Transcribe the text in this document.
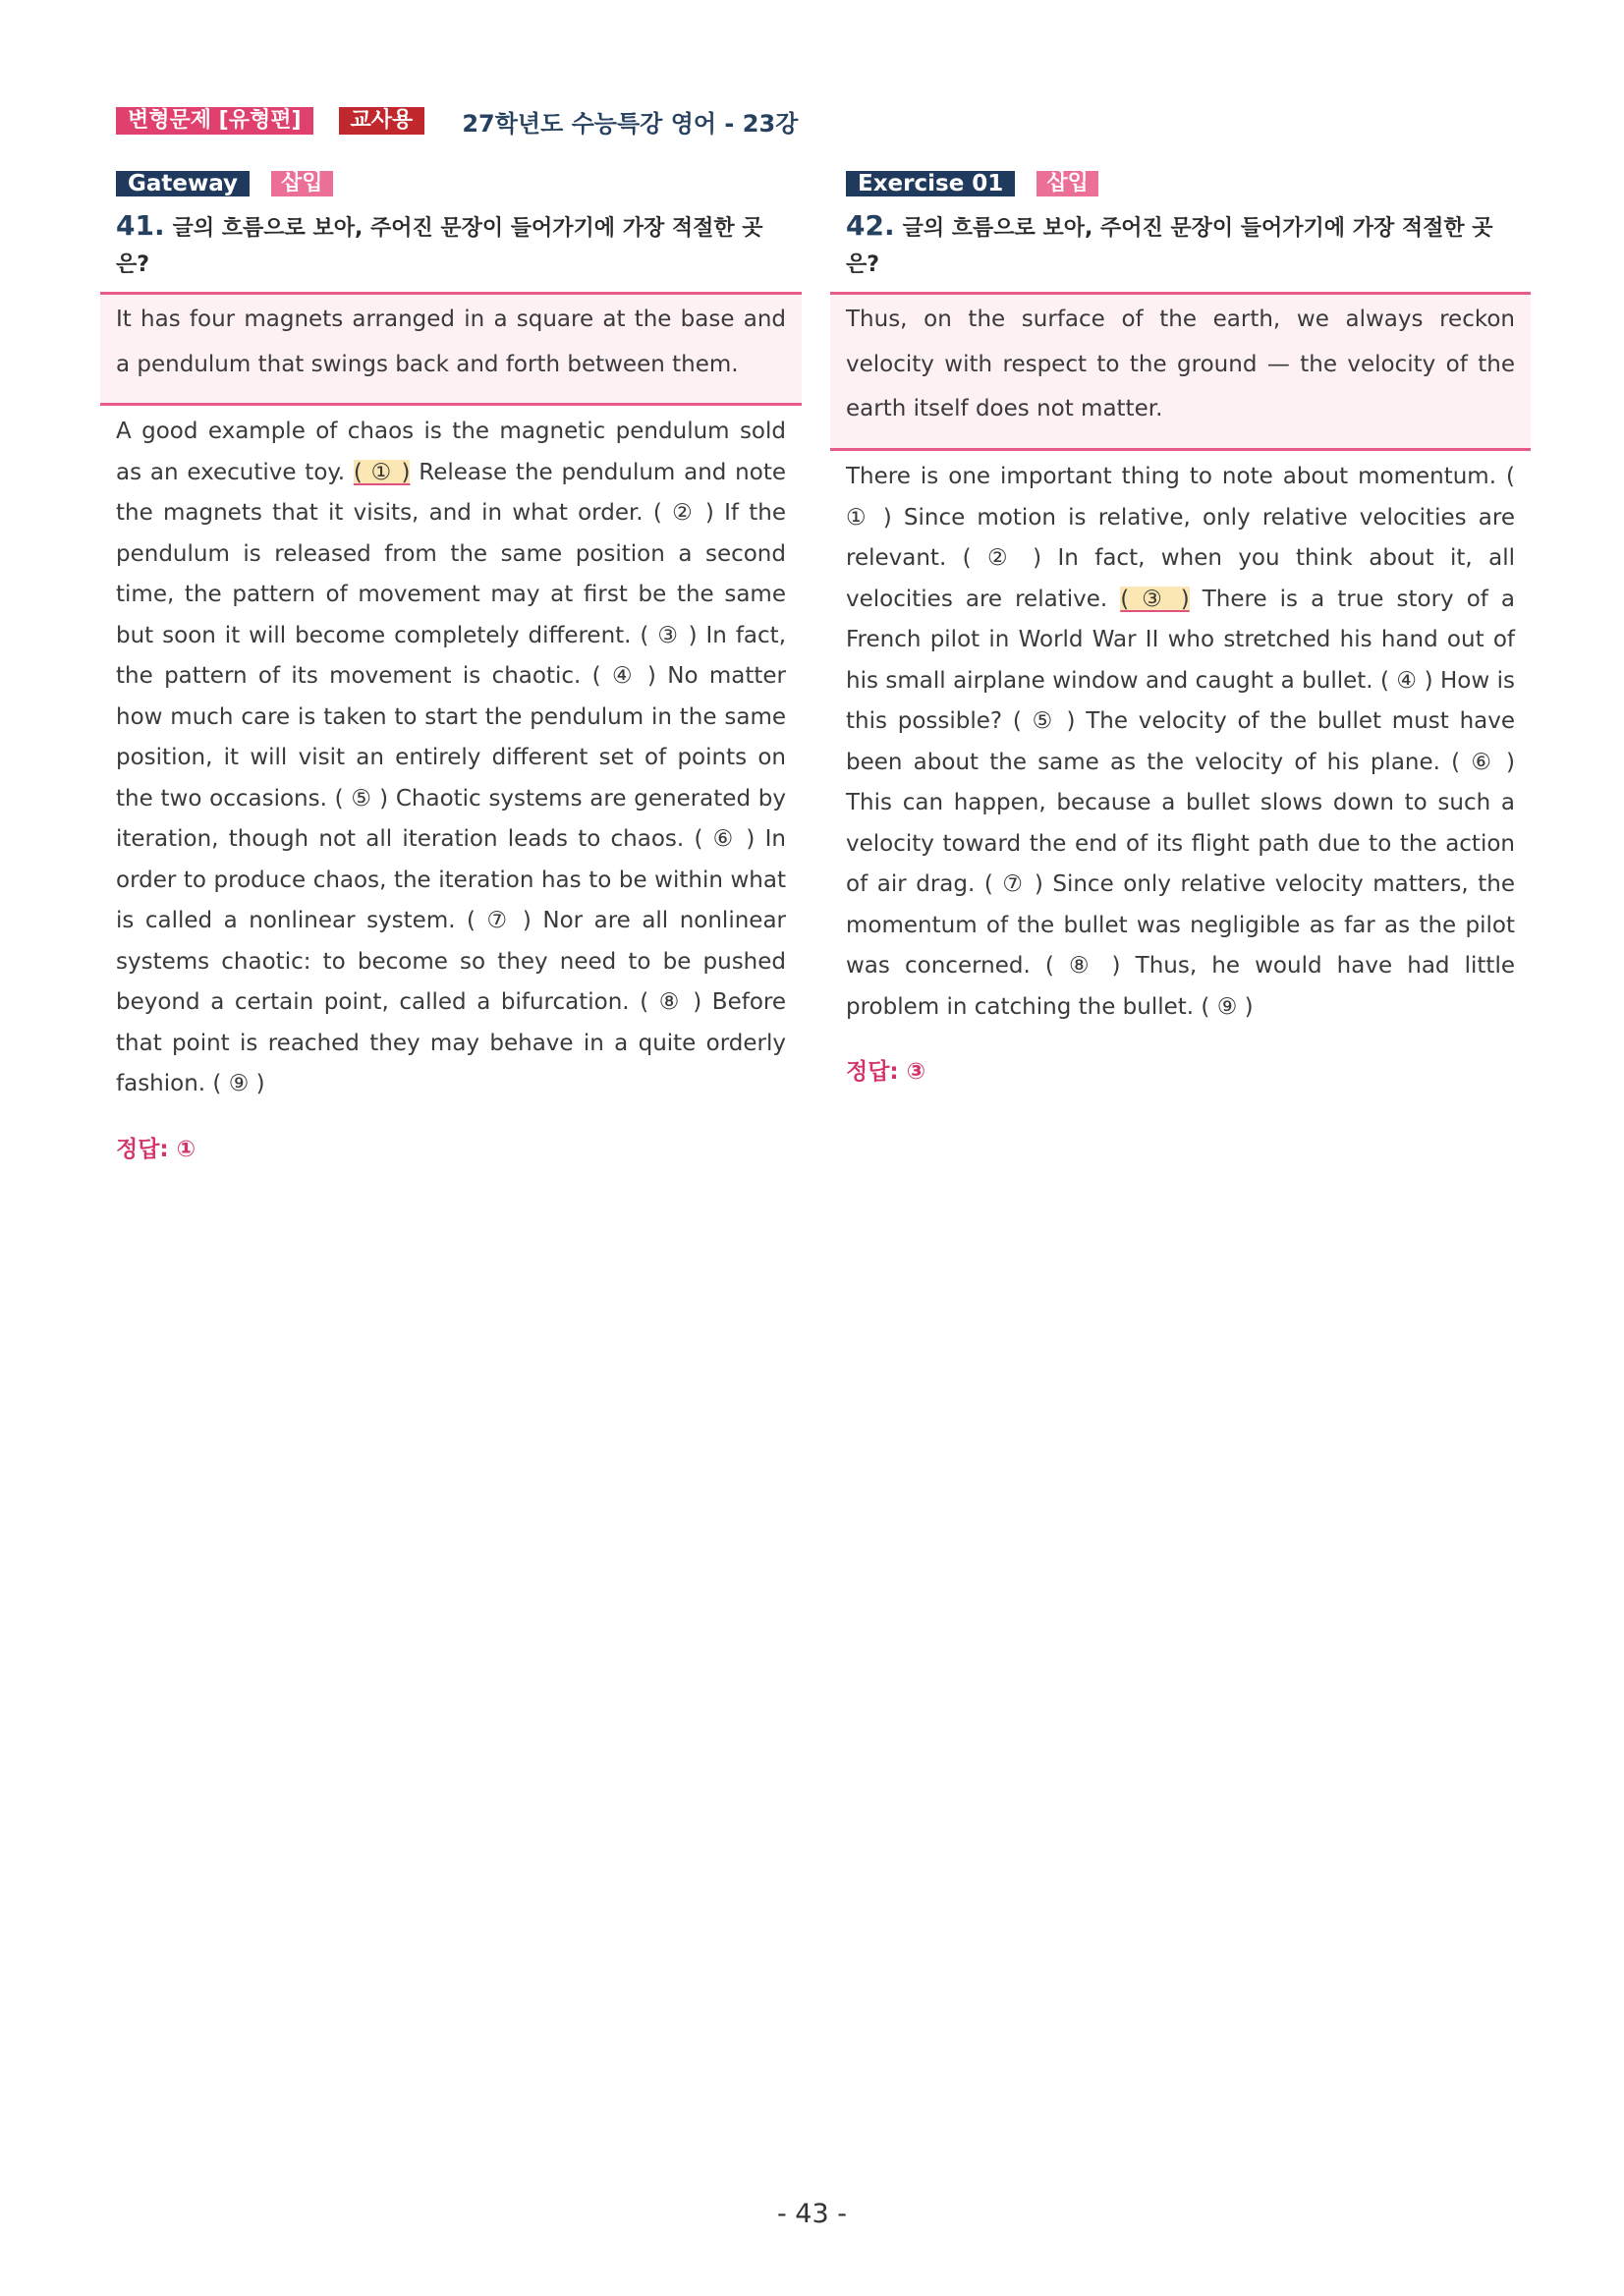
변형문제 [유형편]	교사용	27학년도 수능특강 영어 - 23강
Gateway	삽입
41. 글의 흐름으로 보아, 주어진 문장이 들어가기에 가장 적절한 곳은?

It has four magnets arranged in a square at the base and

a pendulum that swings back and forth between them.

A good example of chaos is the magnetic pendulum sold as an executive toy. ( ① ) Release the pendulum and note the magnets that it visits, and in what order. ( ② ) If the pendulum is released from the same position a second time, the pattern of movement may at first be the same but soon it will become completely different. ( ③ ) In fact, the pattern of its movement is chaotic. ( ④ ) No matter how much care is taken to start the pendulum in the same position, it will visit an entirely different set of points on the two occasions. ( ⑤ ) Chaotic systems are generated by iteration, though not all iteration leads to chaos. ( ⑥ ) In order to produce chaos, the iteration has to be within what is called a nonlinear system. ( ⑦ ) Nor are all nonlinear systems chaotic: to become so they need to be pushed beyond a certain point, called a bifurcation. ( ⑧ ) Before that point is reached they may behave in a quite orderly fashion. ( ⑨ )
정답: ①
Exercise 01	삽입
42. 글의 흐름으로 보아, 주어진 문장이 들어가기에 가장 적절한 곳은?

Thus, on the surface of the earth, we always reckon

velocity with respect to the ground — the velocity of the

earth itself does not matter.

There is one important thing to note about momentum. ( ① ) Since motion is relative, only relative velocities are relevant. ( ② ) In fact, when you think about it, all velocities are relative. ( ③ ) There is a true story of a French pilot in World War II who stretched his hand out of his small airplane window and caught a bullet. ( ④ ) How is this possible? ( ⑤ ) The velocity of the bullet must have been about the same as the velocity of his plane. ( ⑥ ) This can happen, because a bullet slows down to such a velocity toward the end of its flight path due to the action of air drag. ( ⑦ ) Since only relative velocity matters, the momentum of the bullet was negligible as far as the pilot was concerned. ( ⑧ ) Thus, he would have had little problem in catching the bullet. ( ⑨ )
정답: ③
- 43 -
